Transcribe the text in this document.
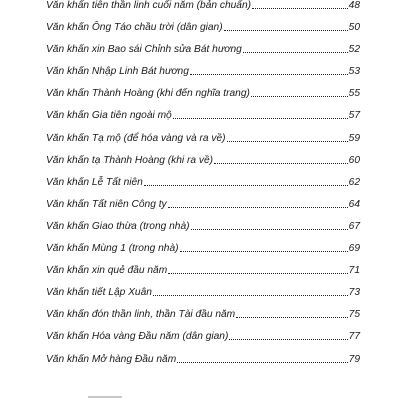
Văn khấn tiễn thần linh cuối năm (bản chuẩn)	48
Văn khấn Ông Táo chầu trời (dân gian)	50
Văn khấn xin Bao sái Chỉnh sửa Bát hương	52
Văn khấn Nhập Linh Bát hương	53
Văn khấn Thành Hoàng (khi đến nghĩa trang)	55
Văn khấn Gia tiên ngoài mộ	57
Văn khấn Tạ mộ (để hóa vàng và ra về)	59
Văn khấn tạ Thành Hoàng (khi ra về)	60
Văn khấn Lễ Tất niên	62
Văn khấn Tất niên Công ty	64
Văn khấn Giao thừa (trong nhà)	67
Văn khấn Mùng 1 (trong nhà)	69
Văn khấn xin quẻ đầu năm	71
Văn khấn tiết Lập Xuân	73
Văn khấn đón thần linh, thần Tài đầu năm	75
Văn khấn Hóa vàng Đầu năm (dân gian)	77
Văn khấn Mở hàng Đầu năm	79
